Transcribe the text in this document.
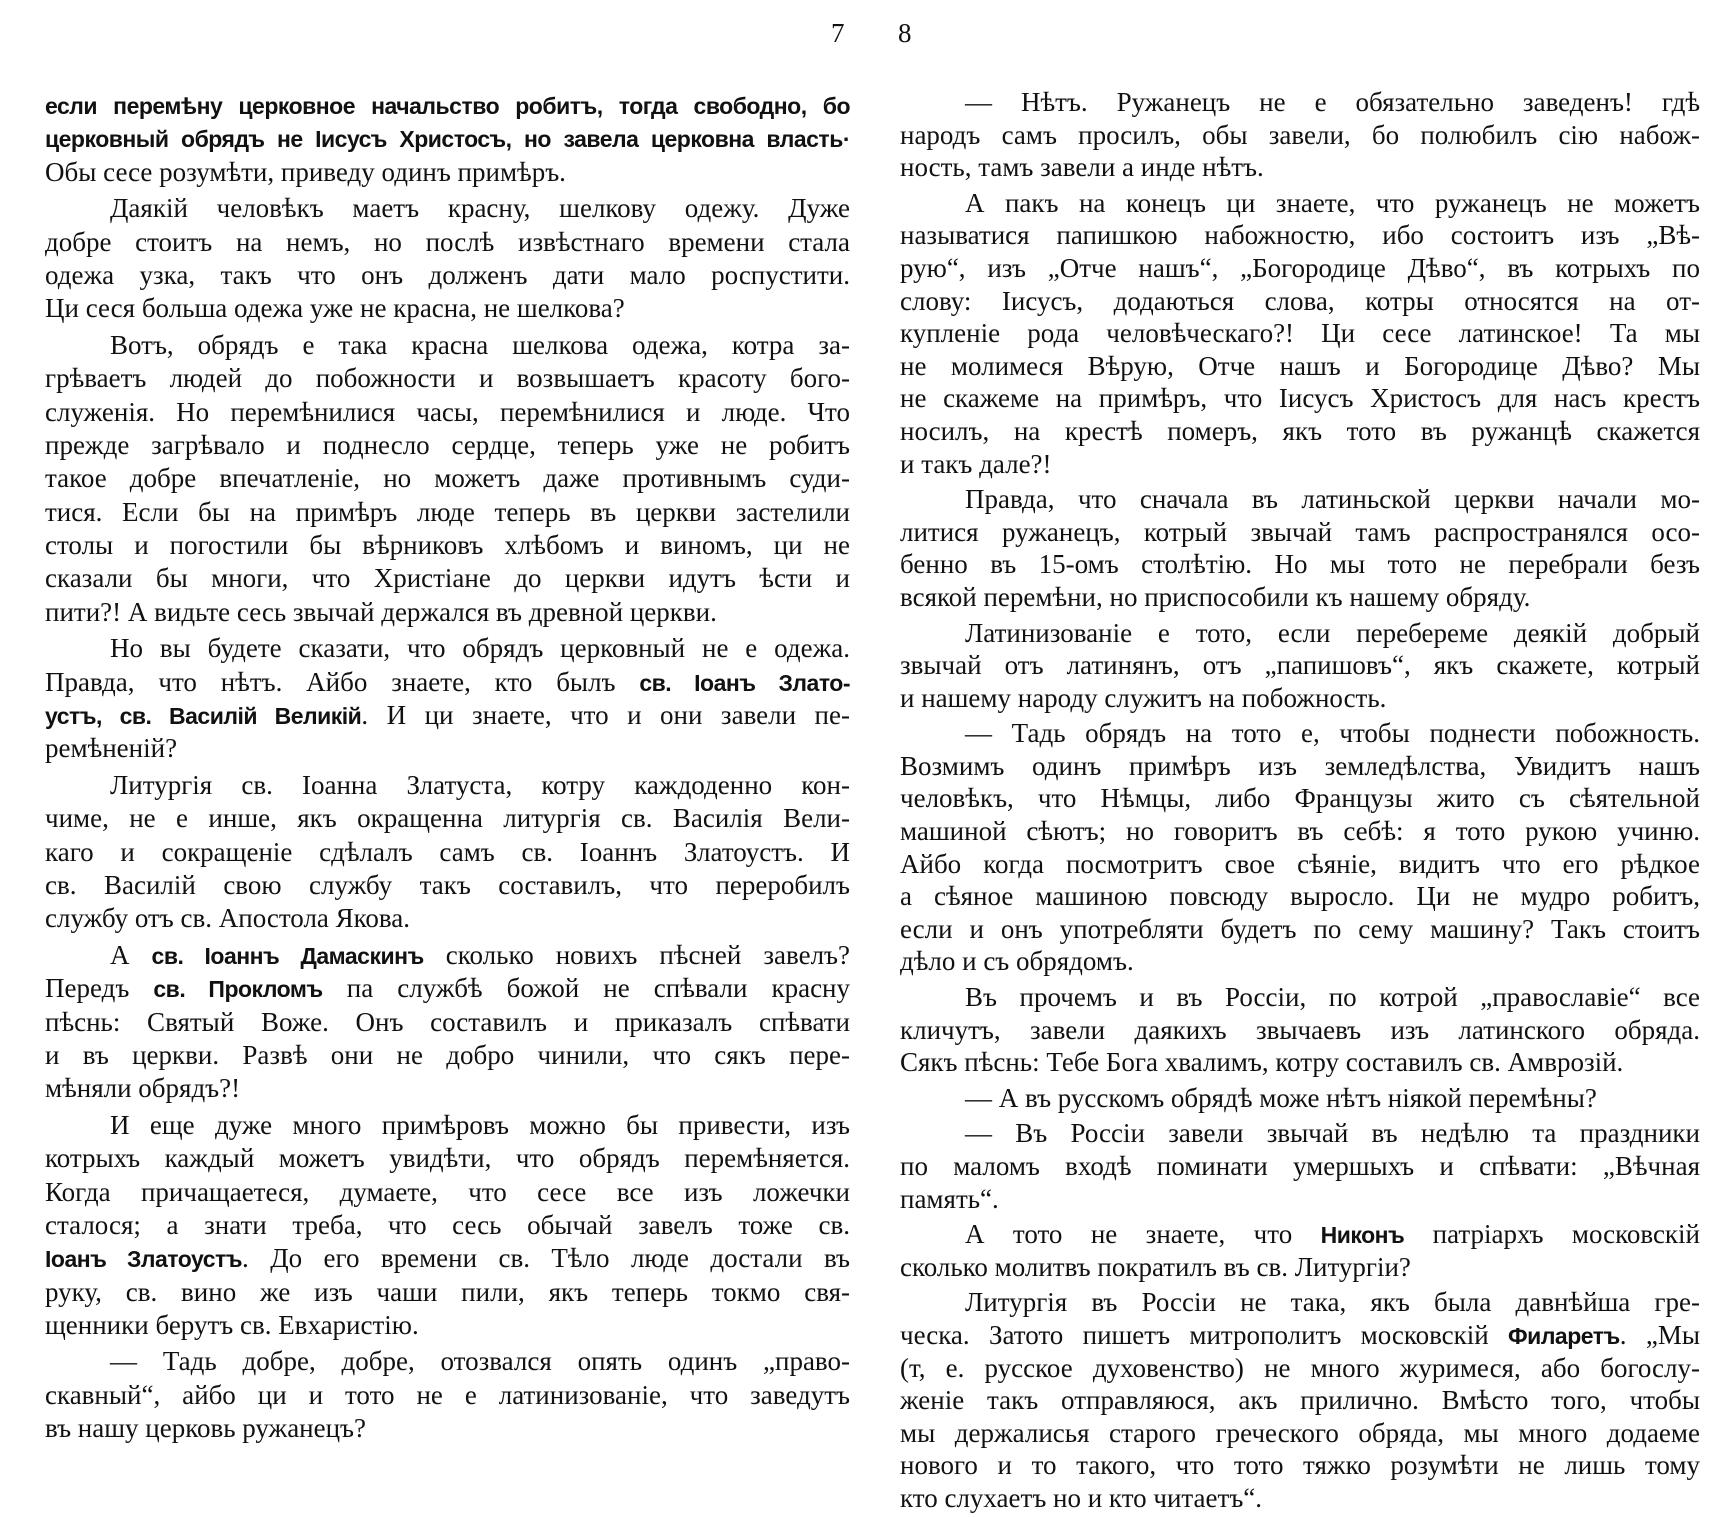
7 8
если перемѣну церковное начальство робитъ, тогда свободно, бо
церковный обрядъ не Іисусъ Христосъ, но завела церковна власть·
Обы сесе розумѣти, приведу одинъ примѣръ.
Даякій человѣкъ маетъ красну, шелкову одежу. Дуже
добре стоитъ на немъ, но послѣ извѣстнаго времени стала
одежа узка, такъ что онъ долженъ дати мало роспустити.
Ци сеся больша одежа уже не красна, не шелкова?
Вотъ, обрядъ е така красна шелкова одежа, котра за-
грѣваетъ людей до побожности и возвышаетъ красоту бого-
служенія. Но перемѣнилися часы, перемѣнилися и люде. Что
прежде загрѣвало и поднесло сердце, теперь уже не робитъ
такое добре впечатленіе, но можетъ даже противнымъ суди-
тися. Если бы на примѣръ люде теперь въ церкви застелили
столы и погостили бы вѣрниковъ хлѣбомъ и виномъ, ци не
сказали бы многи, что Христіане до церкви идутъ ѣсти и
пити?! А видьте сесь звычай держался въ древной церкви.
Но вы будете сказати, что обрядъ церковный не е одежа.
Правда, что нѣтъ. Айбо знаете, кто былъ св. Іоанъ Злато-
устъ, св. Василій Великій. И ци знаете, что и они завели пе-
ремѣненій?
Литургія св. Іоанна Златуста, котру каждоденно кон-
чиме, не е инше, якъ окращенна литургія св. Василія Вели-
каго и сокращеніе сдѣлалъ самъ св. Іоаннъ Златоустъ. И
св. Василій свою службу такъ составилъ, что переробилъ
службу отъ св. Апостола Якова.
А св. Іоаннъ Дамаскинъ сколько новихъ пѣсней завелъ?
Передъ св. Прокломъ па службѣ божой не спѣвали красну
пѣснь: Святый Воже. Онъ составилъ и приказалъ спѣвати
и въ церкви. Развѣ они не добро чинили, что сякъ пере-
мѣняли обрядъ?!
И еще дуже много примѣровъ можно бы привести, изъ
котрыхъ каждый можетъ увидѣти, что обрядъ перемѣняется.
Когда причащаетеся, думаете, что сесе все изъ ложечки
сталося; а знати треба, что сесь обычай завелъ тоже св.
Іоанъ Златоустъ. До его времени св. Тѣло люде достали въ
руку, св. вино же изъ чаши пили, якъ теперь токмо свя-
щенники берутъ св. Евхаристію.
— Тадь добре, добре, отозвался опять одинъ „право-
скавный“, айбо ци и тото не е латинизованіе, что заведутъ
въ нашу церковь ружанецъ?
— Нѣтъ. Ружанецъ не е обязательно заведенъ! гдѣ
народъ самъ просилъ, обы завели, бо полюбилъ сію набож-
ность, тамъ завели а инде нѣтъ.
А пакъ на конецъ ци знаете, что ружанецъ не можетъ
называтися папишкою набожностю, ибо состоитъ изъ „Вѣ-
рую“, изъ „Отче нашъ“, „Богородице Дѣво“, въ котрыхъ по
слову: Іисусъ, додаються слова, котры относятся на от-
купленіе рода человѣческаго?! Ци сесе латинское! Та мы
не молимеся Вѣрую, Отче нашъ и Богородице Дѣво? Мы
не скажеме на примѣръ, что Іисусъ Христосъ для насъ крестъ
носилъ, на крестѣ померъ, якъ тото въ ружанцѣ скажется
и такъ дале?!
Правда, что сначала въ латиньской церкви начали мо-
литися ружанецъ, котрый звычай тамъ распространялся осо-
бенно въ 15-омъ столѣтію. Но мы тото не перебрали безъ
всякой перемѣни, но приспособили къ нашему обряду.
Латинизованіе е тото, если переберeме деякій добрый
звычай отъ латинянъ, отъ „папишовъ“, якъ скажете, котрый
и нашему народу служитъ на побожность.
— Тадь обрядъ на тото е, чтобы поднести побожность.
Возмимъ одинъ примѣръ изъ земледѣлства, Увидитъ нашъ
человѣкъ, что Нѣмцы, либо Французы жито съ сѣятельной
машиной сѣютъ; но говоритъ въ себѣ: я тото рукою учиню.
Айбо когда посмотритъ свое сѣяніе, видитъ что его рѣдкое
а сѣяное машиною повсюду выросло. Ци не мудро робитъ,
если и онъ употребляти будетъ по сему машину? Такъ стоитъ
дѣло и съ обрядомъ.
Въ прочемъ и въ Россіи, по котрой „православіе“ все
кличутъ, завели даякихъ звычаевъ изъ латинского обряда.
Сякъ пѣснь: Тебе Бога хвалимъ, котру составилъ св. Амврозій.
— А въ русскомъ обрядѣ може нѣтъ ніякой перемѣны?
— Въ Россіи завели звычай въ недѣлю та праздники
по маломъ входѣ поминати умершыхъ и спѣвати: „Вѣчная
память“.
А тото не знаете, что Никонъ патріархъ московскій
сколько молитвъ пократилъ въ св. Литургіи?
Литургія въ Россіи не така, якъ была давнѣйша гре-
ческа. Затото пишетъ митрополитъ московскій Филаретъ. „Мы
(т, е. русское духовенство) не много журимеся, або богослу-
женіе такъ отправляюся, акъ прилично. Вмѣсто того, чтобы
мы держалисья старого греческого обряда, мы много додаеме
нового и то такого, что тото тяжко розумѣти не лишь тому
кто слухаетъ но и кто читаетъ“.
